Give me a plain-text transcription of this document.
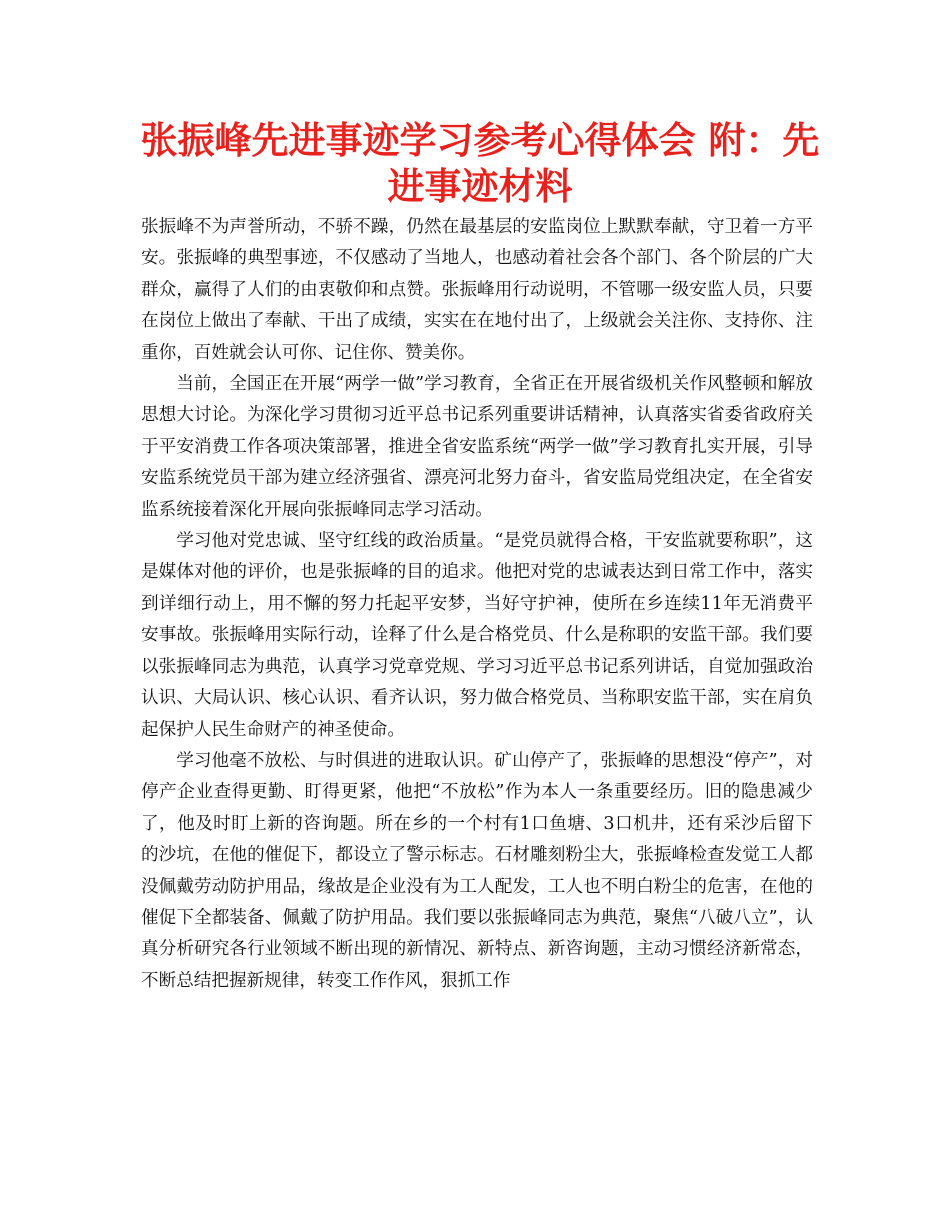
张振峰先进事迹学习参考心得体会 附：先进事迹材料

张振峰不为声誉所动，不骄不躁，仍然在最基层的安监岗位上默默奉献，守卫着一方平安。张振峰的典型事迹，不仅感动了当地人，也感动着社会各个部门、各个阶层的广大群众，赢得了人们的由衷敬仰和点赞。张振峰用行动说明，不管哪一级安监人员，只要在岗位上做出了奉献、干出了成绩，实实在在地付出了，上级就会关注你、支持你、注重你，百姓就会认可你、记住你、赞美你。

当前，全国正在开展“两学一做”学习教育，全省正在开展省级机关作风整顿和解放思想大讨论。为深化学习贯彻习近平总书记系列重要讲话精神，认真落实省委省政府关于平安消费工作各项决策部署，推进全省安监系统“两学一做”学习教育扎实开展，引导安监系统党员干部为建立经济强省、漂亮河北努力奋斗，省安监局党组决定，在全省安监系统接着深化开展向张振峰同志学习活动。

学习他对党忠诚、坚守红线的政治质量。“是党员就得合格，干安监就要称职”，这是媒体对他的评价，也是张振峰的目的追求。他把对党的忠诚表达到日常工作中，落实到详细行动上，用不懈的努力托起平安梦，当好守护神，使所在乡连续11年无消费平安事故。张振峰用实际行动，诠释了什么是合格党员、什么是称职的安监干部。我们要以张振峰同志为典范，认真学习党章党规、学习习近平总书记系列讲话，自觉加强政治认识、大局认识、核心认识、看齐认识，努力做合格党员、当称职安监干部，实在肩负起保护人民生命财产的神圣使命。

学习他毫不放松、与时俱进的进取认识。矿山停产了，张振峰的思想没“停产”，对停产企业查得更勤、盯得更紧，他把“不放松”作为本人一条重要经历。旧的隐患减少了，他及时盯上新的咨询题。所在乡的一个村有1口鱼塘、3口机井，还有采沙后留下的沙坑，在他的催促下，都设立了警示标志。石材雕刻粉尘大，张振峰检查发觉工人都没佩戴劳动防护用品，缘故是企业没有为工人配发，工人也不明白粉尘的危害，在他的催促下全都装备、佩戴了防护用品。我们要以张振峰同志为典范，聚焦“八破八立”，认真分析研究各行业领域不断出现的新情况、新特点、新咨询题，主动习惯经济新常态，不断总结把握新规律，转变工作作风，狠抓工作
